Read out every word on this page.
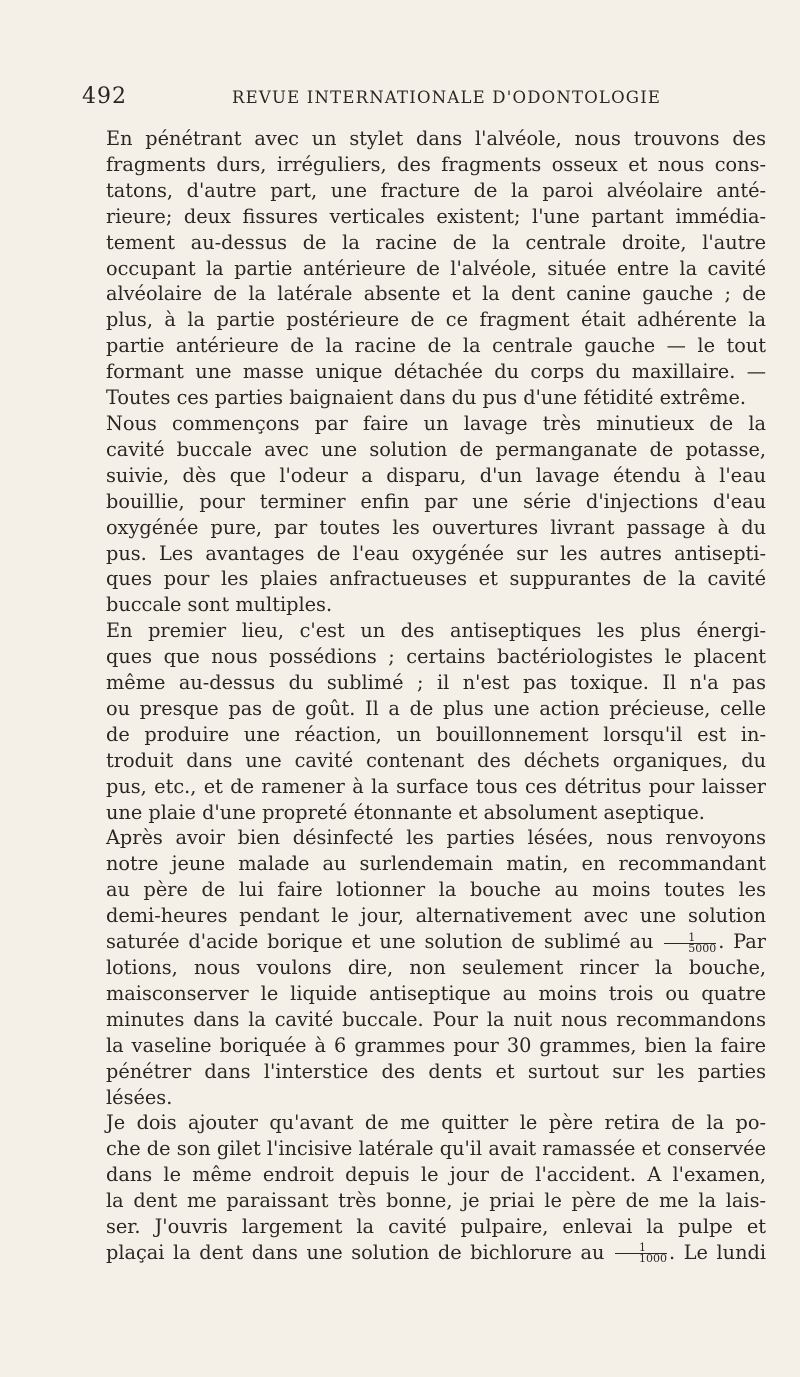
492	REVUE INTERNATIONALE D'ODONTOLOGIE
En pénétrant avec un stylet dans l'alvéole, nous trouvons des
fragments durs, irréguliers, des fragments osseux et nous cons-
tatons, d'autre part, une fracture de la paroi alvéolaire anté-
rieure; deux fissures verticales existent; l'une partant immédia-
tement au-dessus de la racine de la centrale droite, l'autre
occupant la partie antérieure de l'alvéole, située entre la cavité
alvéolaire de la latérale absente et la dent canine gauche ; de
plus, à la partie postérieure de ce fragment était adhérente la
partie antérieure de la racine de la centrale gauche — le tout
formant une masse unique détachée du corps du maxillaire. —
Toutes ces parties baignaient dans du pus d'une fétidité extrême.
Nous commençons par faire un lavage très minutieux de la
cavité buccale avec une solution de permanganate de potasse,
suivie, dès que l'odeur a disparu, d'un lavage étendu à l'eau
bouillie, pour terminer enfin par une série d'injections d'eau
oxygénée pure, par toutes les ouvertures livrant passage à du
pus. Les avantages de l'eau oxygénée sur les autres antisepti-
ques pour les plaies anfractueuses et suppurantes de la cavité
buccale sont multiples.
En premier lieu, c'est un des antiseptiques les plus énergi-
ques que nous possédions ; certains bactériologistes le placent
même au-dessus du sublimé ; il n'est pas toxique. Il n'a pas
ou presque pas de goût. Il a de plus une action précieuse, celle
de produire une réaction, un bouillonnement lorsqu'il est in-
troduit dans une cavité contenant des déchets organiques, du
pus, etc., et de ramener à la surface tous ces détritus pour laisser
une plaie d'une propreté étonnante et absolument aseptique.
Après avoir bien désinfecté les parties lésées, nous renvoyons
notre jeune malade au surlendemain matin, en recommandant
au père de lui faire lotionner la bouche au moins toutes les
demi-heures pendant le jour, alternativement avec une solution
saturée d'acide borique et une solution de sublimé au $\frac{1}{5000}$ . Par
lotions, nous voulons dire, non seulement rincer la bouche,
maisconserver le liquide antiseptique au moins trois ou quatre
minutes dans la cavité buccale. Pour la nuit nous recommandons
la vaseline boriquée à 6 grammes pour 30 grammes, bien la faire
pénétrer dans l'interstice des dents et surtout sur les parties
lésées.
Je dois ajouter qu'avant de me quitter le père retira de la po-
che de son gilet l'incisive latérale qu'il avait ramassée et conservée
dans le même endroit depuis le jour de l'accident. A l'examen,
la dent me paraissant très bonne, je priai le père de me la lais-
ser. J'ouvris largement la cavité pulpaire, enlevai la pulpe et
plaçai la dent dans une solution de bichlorure au $\frac{1}{1000}$ . Le lundi
